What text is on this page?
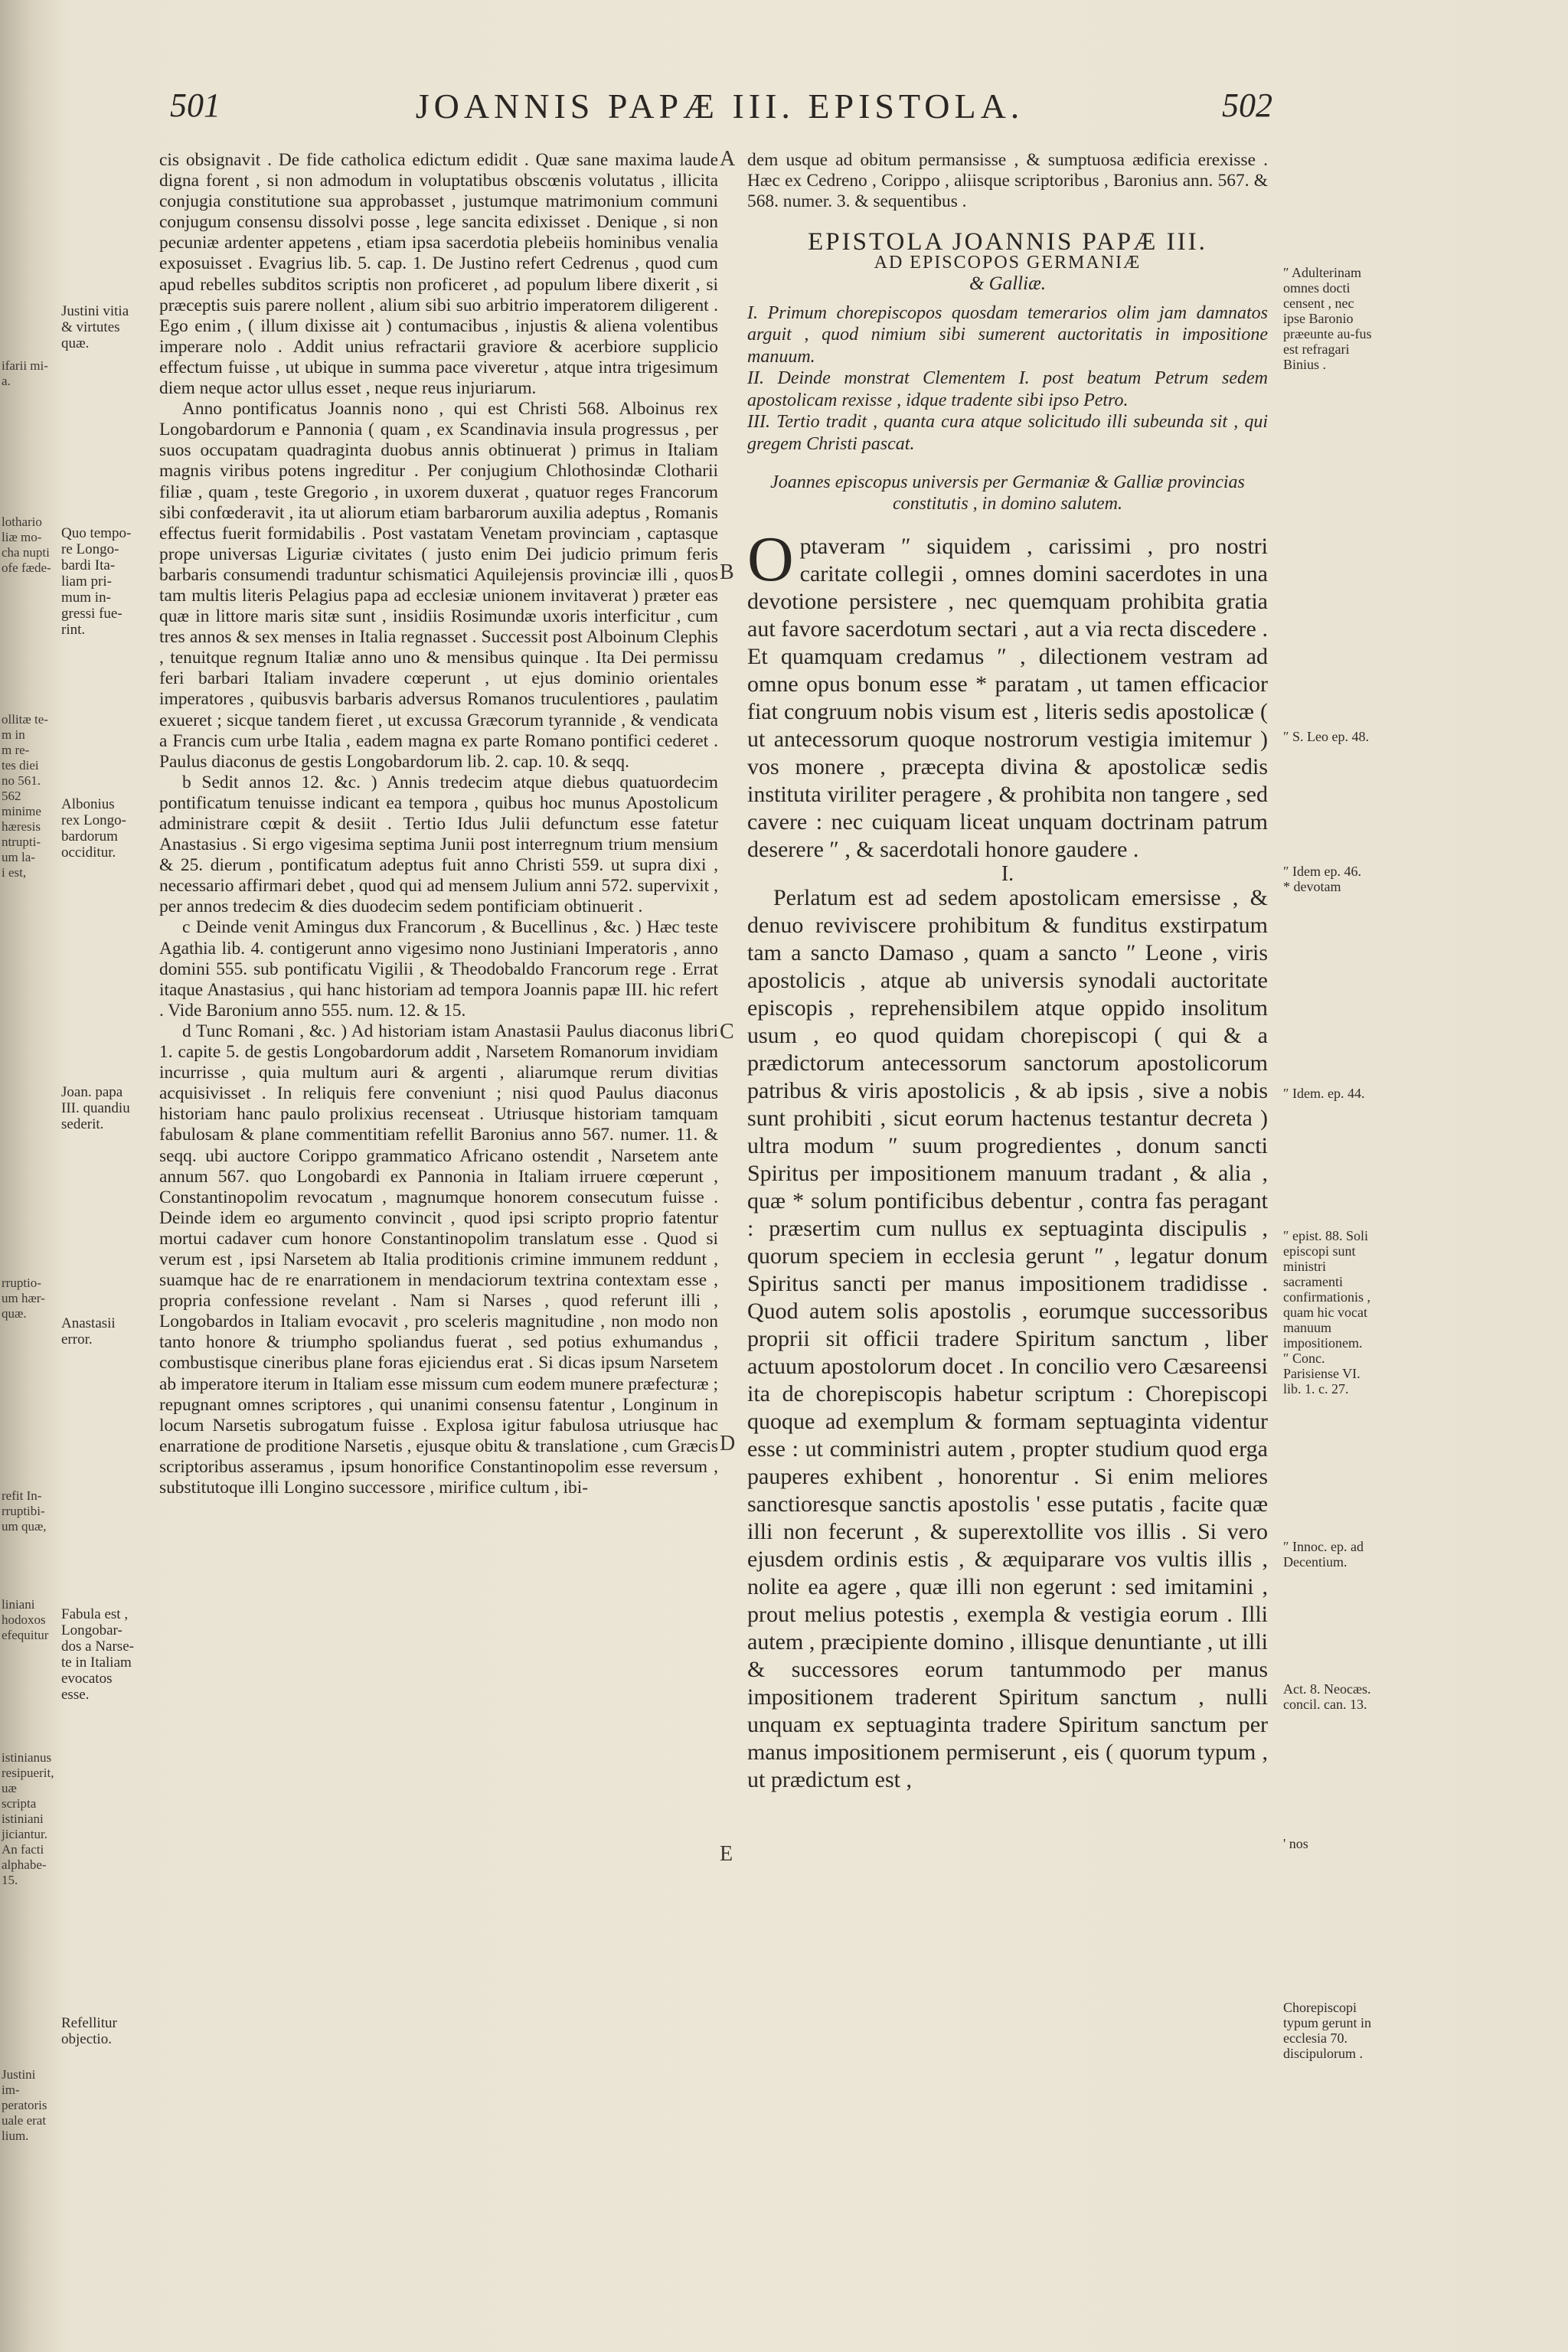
ifarii mi-
a.
lothario
liæ mo-
cha nupti
ofe fæde-
ollitæ te-
m in
m re-
tes diei
no 561.
562
minime
hæresis
ntrupti-
um la-
i est,
rruptio-
um hær-
quæ.
refit In-
rruptibi-
um quæ,
liniani
hodoxos
efequitur
istinianus
resipuerit,
uæ scripta
istiniani
jiciantur.
An facti
alphabe-
15.
Justini im-
peratoris
uale erat
lium.
501	JOANNIS PAPÆ III. EPISTOLA.	502
Justini vitia
& virtutes
quæ.
Quo tempo-
re Longo-
bardi Ita-
liam pri-
mum in-
gressi fue-
rint.
Albonius
rex Longo-
bardorum
occiditur.
Joan. papa
III. quandiu
sederit.
Anastasii
error.
Fabula est ,
Longobar-
dos a Narse-
te in Italiam
evocatos
esse.
Refellitur
objectio.

cis obsignavit . De fide catholica edictum edidit . Quæ sane maxima laude digna forent , si non admodum in voluptatibus obscœnis volutatus , illicita conjugia constitutione sua approbasset , justumque matrimonium communi conjugum consensu dissolvi posse , lege sancita edixisset . Denique , si non pecuniæ ardenter appetens , etiam ipsa sacerdotia plebeiis hominibus venalia exposuisset . Evagrius lib. 5. cap. 1. De Justino refert Cedrenus , quod cum apud rebelles subditos scriptis non proficeret , ad populum libere dixerit , si præceptis suis parere nollent , alium sibi suo arbitrio imperatorem diligerent . Ego enim , ( illum dixisse ait ) contumacibus , injustis & aliena volentibus imperare nolo . Addit unius refractarii graviore & acerbiore supplicio effectum fuisse , ut ubique in summa pace viveretur , atque intra trigesimum diem neque actor ullus esset , neque reus injuriarum.

Anno pontificatus Joannis nono , qui est Christi 568. Alboinus rex Longobardorum e Pannonia ( quam , ex Scandinavia insula progressus , per suos occupatam quadraginta duobus annis obtinuerat ) primus in Italiam magnis viribus potens ingreditur . Per conjugium Chlothosindæ Clotharii filiæ , quam , teste Gregorio , in uxorem duxerat , quatuor reges Francorum sibi confœderavit , ita ut aliorum etiam barbarorum auxilia adeptus , Romanis effectus fuerit formidabilis . Post vastatam Venetam provinciam , captasque prope universas Liguriæ civitates ( justo enim Dei judicio primum feris barbaris consumendi traduntur schismatici Aquilejensis provinciæ illi , quos tam multis literis Pelagius papa ad ecclesiæ unionem invitaverat ) præter eas quæ in littore maris sitæ sunt , insidiis Rosimundæ uxoris interficitur , cum tres annos & sex menses in Italia regnasset . Successit post Alboinum Clephis , tenuitque regnum Italiæ anno uno & mensibus quinque . Ita Dei permissu feri barbari Italiam invadere cœperunt , ut ejus dominio orientales imperatores , quibusvis barbaris adversus Romanos truculentiores , paulatim exueret ; sicque tandem fieret , ut excussa Græcorum tyrannide , & vendicata a Francis cum urbe Italia , eadem magna ex parte Romano pontifici cederet . Paulus diaconus de gestis Longobardorum lib. 2. cap. 10. & seqq.

b Sedit annos 12. &c. ) Annis tredecim atque diebus quatuordecim pontificatum tenuisse indicant ea tempora , quibus hoc munus Apostolicum administrare cœpit & desiit . Tertio Idus Julii defunctum esse fatetur Anastasius . Si ergo vigesima septima Junii post interregnum trium mensium & 25. dierum , pontificatum adeptus fuit anno Christi 559. ut supra dixi , necessario affirmari debet , quod qui ad mensem Julium anni 572. supervixit , per annos tredecim & dies duodecim sedem pontificiam obtinuerit .

c Deinde venit Amingus dux Francorum , & Bucellinus , &c. ) Hæc teste Agathia lib. 4. contigerunt anno vigesimo nono Justiniani Imperatoris , anno domini 555. sub pontificatu Vigilii , & Theodobaldo Francorum rege . Errat itaque Anastasius , qui hanc historiam ad tempora Joannis papæ III. hic refert . Vide Baronium anno 555. num. 12. & 15.

d Tunc Romani , &c. ) Ad historiam istam Anastasii Paulus diaconus libri 1. capite 5. de gestis Longobardorum addit , Narsetem Romanorum invidiam incurrisse , quia multum auri & argenti , aliarumque rerum divitias acquisivisset . In reliquis fere conveniunt ; nisi quod Paulus diaconus historiam hanc paulo prolixius recenseat . Utriusque historiam tamquam fabulosam & plane commentitiam refellit Baronius anno 567. numer. 11. & seqq. ubi auctore Corippo grammatico Africano ostendit , Narsetem ante annum 567. quo Longobardi ex Pannonia in Italiam irruere cœperunt , Constantinopolim revocatum , magnumque honorem consecutum fuisse . Deinde idem eo argumento convincit , quod ipsi scripto proprio fatentur mortui cadaver cum honore Constantinopolim translatum esse . Quod si verum est , ipsi Narsetem ab Italia proditionis crimine immunem reddunt , suamque hac de re enarrationem in mendaciorum textrina contextam esse , propria confessione revelant . Nam si Narses , quod referunt illi , Longobardos in Italiam evocavit , pro sceleris magnitudine , non modo non tanto honore & triumpho spoliandus fuerat , sed potius exhumandus , combustisque cineribus plane foras ejiciendus erat . Si dicas ipsum Narsetem ab imperatore iterum in Italiam esse missum cum eodem munere præfecturæ ; repugnant omnes scriptores , qui unanimi consensu fatentur , Longinum in locum Narsetis subrogatum fuisse . Explosa igitur fabulosa utriusque hac enarratione de proditione Narsetis , ejusque obitu & translatione , cum Græcis scriptoribus asseramus , ipsum honorifice Constantinopolim esse reversum , substitutoque illi Longino successore , mirifice cultum , ibi-

A
B
C
D
E

dem usque ad obitum permansisse , & sumptuosa ædificia erexisse . Hæc ex Cedreno , Corippo , aliisque scriptoribus , Baronius ann. 567. & 568. numer. 3. & sequentibus .

EPISTOLA JOANNIS PAPÆ III.
AD EPISCOPOS GERMANIÆ
& Galliæ.

I. Primum chorepiscopos quosdam temerarios olim jam damnatos arguit , quod nimium sibi sumerent auctoritatis in impositione manuum.

II. Deinde monstrat Clementem I. post beatum Petrum sedem apostolicam rexisse , idque tradente sibi ipso Petro.

III. Tertio tradit , quanta cura atque solicitudo illi subeunda sit , qui gregem Christi pascat.

Joannes episcopus universis per Germaniæ & Galliæ provincias constitutis , in domino salutem.

Optaveram ″ siquidem , carissimi , pro nostri caritate collegii , omnes domini sacerdotes in una devotione persistere , nec quemquam prohibita gratia aut favore sacerdotum sectari , aut a via recta discedere . Et quamquam credamus ″ , dilectionem vestram ad omne opus bonum esse * paratam , ut tamen efficacior fiat congruum nobis visum est , literis sedis apostolicæ ( ut antecessorum quoque nostrorum vestigia imitemur ) vos monere , præcepta divina & apostolicæ sedis instituta viriliter peragere , & prohibita non tangere , sed cavere : nec cuiquam liceat unquam doctrinam patrum deserere ″ , & sacerdotali honore gaudere .

I.

Perlatum est ad sedem apostolicam emersisse , & denuo reviviscere prohibitum & funditus exstirpatum tam a sancto Damaso , quam a sancto ″ Leone , viris apostolicis , atque ab universis synodali auctoritate episcopis , reprehensibilem atque oppido insolitum usum , eo quod quidam chorepiscopi ( qui & a prædictorum antecessorum sanctorum apostolicorum patribus & viris apostolicis , & ab ipsis , sive a nobis sunt prohibiti , sicut eorum hactenus testantur decreta ) ultra modum ″ suum progredientes , donum sancti Spiritus per impositionem manuum tradant , & alia , quæ * solum pontificibus debentur , contra fas peragant : præsertim cum nullus ex septuaginta discipulis , quorum speciem in ecclesia gerunt ″ , legatur donum Spiritus sancti per manus impositionem tradidisse . Quod autem solis apostolis , eorumque successoribus proprii sit officii tradere Spiritum sanctum , liber actuum apostolorum docet . In concilio vero Cæsareensi ita de chorepiscopis habetur scriptum : Chorepiscopi quoque ad exemplum & formam septuaginta videntur esse : ut comministri autem , propter studium quod erga pauperes exhibent , honorentur . Si enim meliores sanctioresque sanctis apostolis ' esse putatis , facite quæ illi non fecerunt , & superextollite vos illis . Si vero ejusdem ordinis estis , & æquiparare vos vultis illis , nolite ea agere , quæ illi non egerunt : sed imitamini , prout melius potestis , exempla & vestigia eorum . Illi autem , præcipiente domino , illisque denuntiante , ut illi & successores eorum tantummodo per manus impositionem traderent Spiritum sanctum , nulli unquam ex septuaginta tradere Spiritum sanctum per manus impositionem permiserunt , eis ( quorum typum , ut prædictum est ,

″ Adulterinam omnes docti censent , nec ipse Baronio præeunte au-fus est refragari Binius .
″ S. Leo ep. 48.
″ Idem ep. 46.
* devotam
″ Idem. ep. 44.
″ epist. 88. Soli episcopi sunt ministri sacramenti confirmationis , quam hic vocat manuum impositionem.
″ Conc. Parisiense VI. lib. 1. c. 27.
″ Innoc. ep. ad Decentium.
Act. 8. Neocæs. concil. can. 13.
' nos
Chorepiscopi typum gerunt in ecclesia 70. discipulorum .
